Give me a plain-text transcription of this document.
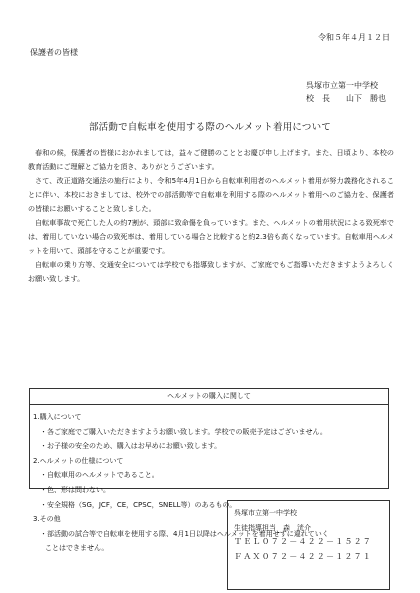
令和５年４月１２日
保護者の皆様
呉塚市立第一中学校
校　長　　山下　勝也
部活動で自転車を使用する際のヘルメット着用について

春和の候，保護者の皆様におかれましては，益々ご健勝のこととお慶び申し上げます。また、日頃より、本校の教育活動にご理解とご協力を頂き、ありがとうございます。

さて、改正道路交通法の施行により、令和5年4月1日から自転車利用者のヘルメット着用が努力義務化されることに伴い、本校におきましては、校外での部活動等で自転車を利用する際のヘルメット着用へのご協力を、保護者の皆様にお願いすることと致しました。

自転車事故で死亡した人の約7割が、頭部に致命傷を負っています。また、ヘルメットの着用状況による致死率では、着用していない場合の致死率は、着用している場合と比較すると約2.3倍も高くなっています。自転車用ヘルメットを用いて、頭部を守ることが重要です。

自転車の乗り方等、交通安全については学校でも指導致しますが、ご家庭でもご指導いただきますようよろしくお願い致します。

ヘルメットの購入に関して
1.購入について
・各ご家庭でご購入いただきますようお願い致します。学校での販売予定はございません。
・お子様の安全のため、購入はお早めにお願い致します。
2.ヘルメットの仕様について
・自転車用のヘルメットであること。
・色、形は問わない。
・安全規格（SG，JCF，CE，CPSC，SNELL等）のあるもの。
3.その他
・部活動の試合等で自転車を使用する際、4月1日以降はヘルメットを着用せずに違れていく
ことはできません。
呉塚市立第一中学校
生徒指導担当　森　洸介
ＴＥＬ０７２－４２２－１５２７
ＦＡＸ０７２－４２２－１２７１
